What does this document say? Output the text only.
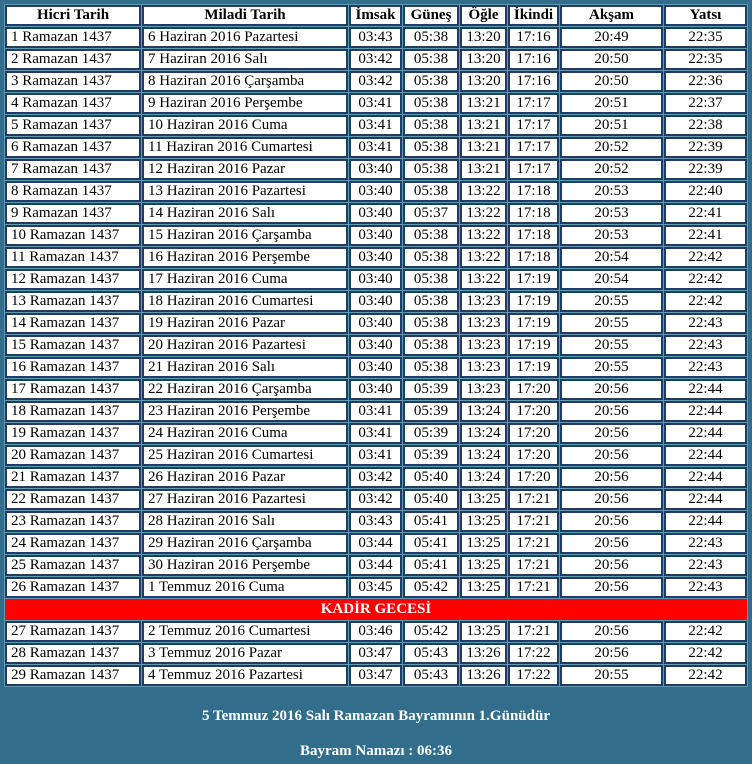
Hicri Tarih	Miladi Tarih	İmsak	Güneş	Öğle	İkindi	Akşam	Yatsı
1 Ramazan 1437	6 Haziran 2016 Pazartesi	03:43	05:38	13:20	17:16	20:49	22:35
2 Ramazan 1437	7 Haziran 2016 Salı	03:42	05:38	13:20	17:16	20:50	22:35
3 Ramazan 1437	8 Haziran 2016 Çarşamba	03:42	05:38	13:20	17:16	20:50	22:36
4 Ramazan 1437	9 Haziran 2016 Perşembe	03:41	05:38	13:21	17:17	20:51	22:37
5 Ramazan 1437	10 Haziran 2016 Cuma	03:41	05:38	13:21	17:17	20:51	22:38
6 Ramazan 1437	11 Haziran 2016 Cumartesi	03:41	05:38	13:21	17:17	20:52	22:39
7 Ramazan 1437	12 Haziran 2016 Pazar	03:40	05:38	13:21	17:17	20:52	22:39
8 Ramazan 1437	13 Haziran 2016 Pazartesi	03:40	05:38	13:22	17:18	20:53	22:40
9 Ramazan 1437	14 Haziran 2016 Salı	03:40	05:37	13:22	17:18	20:53	22:41
10 Ramazan 1437	15 Haziran 2016 Çarşamba	03:40	05:38	13:22	17:18	20:53	22:41
11 Ramazan 1437	16 Haziran 2016 Perşembe	03:40	05:38	13:22	17:18	20:54	22:42
12 Ramazan 1437	17 Haziran 2016 Cuma	03:40	05:38	13:22	17:19	20:54	22:42
13 Ramazan 1437	18 Haziran 2016 Cumartesi	03:40	05:38	13:23	17:19	20:55	22:42
14 Ramazan 1437	19 Haziran 2016 Pazar	03:40	05:38	13:23	17:19	20:55	22:43
15 Ramazan 1437	20 Haziran 2016 Pazartesi	03:40	05:38	13:23	17:19	20:55	22:43
16 Ramazan 1437	21 Haziran 2016 Salı	03:40	05:38	13:23	17:19	20:55	22:43
17 Ramazan 1437	22 Haziran 2016 Çarşamba	03:40	05:39	13:23	17:20	20:56	22:44
18 Ramazan 1437	23 Haziran 2016 Perşembe	03:41	05:39	13:24	17:20	20:56	22:44
19 Ramazan 1437	24 Haziran 2016 Cuma	03:41	05:39	13:24	17:20	20:56	22:44
20 Ramazan 1437	25 Haziran 2016 Cumartesi	03:41	05:39	13:24	17:20	20:56	22:44
21 Ramazan 1437	26 Haziran 2016 Pazar	03:42	05:40	13:24	17:20	20:56	22:44
22 Ramazan 1437	27 Haziran 2016 Pazartesi	03:42	05:40	13:25	17:21	20:56	22:44
23 Ramazan 1437	28 Haziran 2016 Salı	03:43	05:41	13:25	17:21	20:56	22:44
24 Ramazan 1437	29 Haziran 2016 Çarşamba	03:44	05:41	13:25	17:21	20:56	22:43
25 Ramazan 1437	30 Haziran 2016 Perşembe	03:44	05:41	13:25	17:21	20:56	22:43
26 Ramazan 1437	1 Temmuz 2016 Cuma	03:45	05:42	13:25	17:21	20:56	22:43
KADİR GECESİ							
27 Ramazan 1437	2 Temmuz 2016 Cumartesi	03:46	05:42	13:25	17:21	20:56	22:42
28 Ramazan 1437	3 Temmuz 2016 Pazar	03:47	05:43	13:26	17:22	20:56	22:42
29 Ramazan 1437	4 Temmuz 2016 Pazartesi	03:47	05:43	13:26	17:22	20:55	22:42
5 Temmuz 2016 Salı Ramazan Bayramının 1.Günüdür
Bayram Namazı : 06:36
